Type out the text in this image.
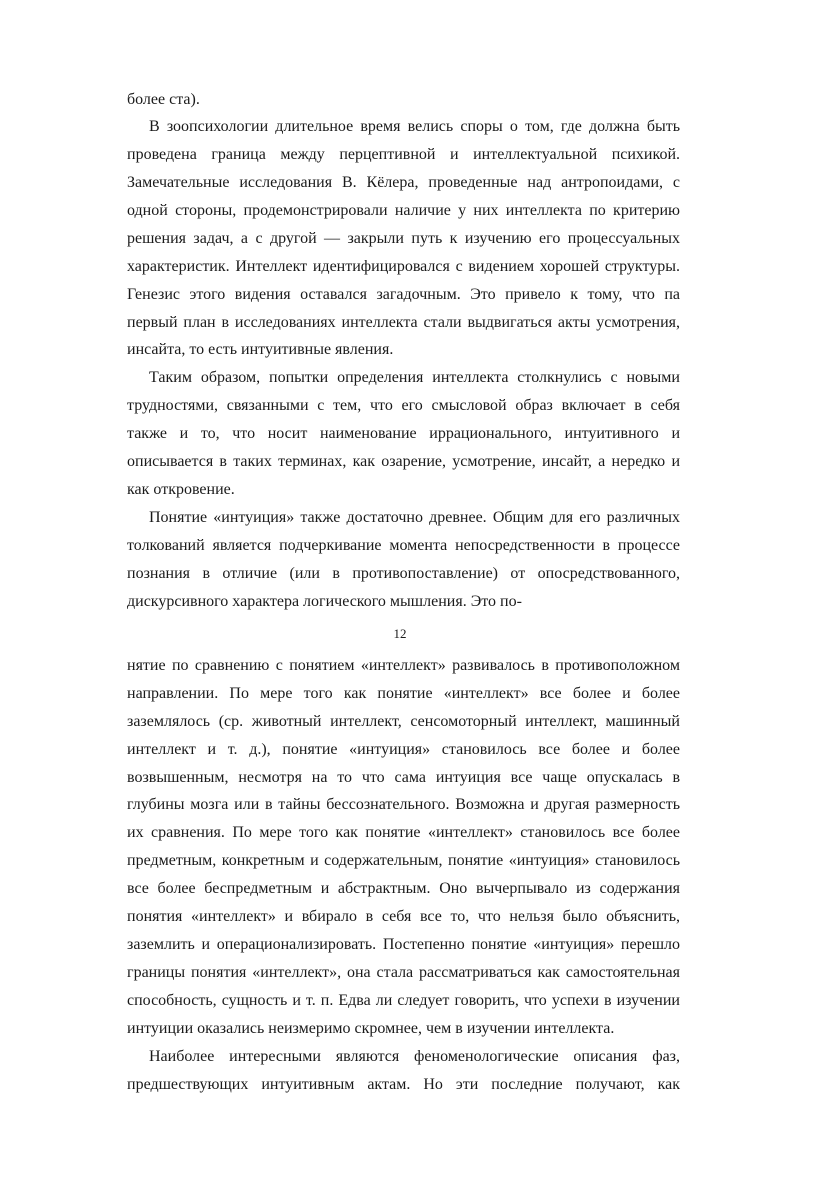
более ста).
В зоопсихологии длительное время велись споры о том, где должна быть
проведена граница между перцептивной и интеллектуальной психикой.
Замечательные исследования В. Кёлера, проведенные над антропоидами, с
одной стороны, продемонстрировали наличие у них интеллекта по критерию
решения задач, а с другой — закрыли путь к изучению его процессуальных
характеристик. Интеллект идентифицировался с видением хорошей структуры.
Генезис этого видения оставался загадочным. Это привело к тому, что па
первый план в исследованиях интеллекта стали выдвигаться акты усмотрения,
инсайта, то есть интуитивные явления.
Таким образом, попытки определения интеллекта столкнулись с новыми
трудностями, связанными с тем, что его смысловой образ включает в себя
также и то, что носит наименование иррационального, интуитивного и
описывается в таких терминах, как озарение, усмотрение, инсайт, а нередко и
как откровение.
Понятие «интуиция» также достаточно древнее. Общим для его различных
толкований является подчеркивание момента непосредственности в процессе
познания в отличие (или в противопоставление) от опосредствованного,
дискурсивного характера логического мышления. Это по-
12
нятие по сравнению с понятием «интеллект» развивалось в противоположном
направлении. По мере того как понятие «интеллект» все более и более
заземлялось (ср. животный интеллект, сенсомоторный интеллект, машинный
интеллект и т. д.), понятие «интуиция» становилось все более и более
возвышенным, несмотря на то что сама интуиция все чаще опускалась в
глубины мозга или в тайны бессознательного. Возможна и другая размерность
их сравнения. По мере того как понятие «интеллект» становилось все более
предметным, конкретным и содержательным, понятие «интуиция» становилось
все более беспредметным и абстрактным. Оно вычерпывало из содержания
понятия «интеллект» и вбирало в себя все то, что нельзя было объяснить,
заземлить и операционализировать. Постепенно понятие «интуиция» перешло
границы понятия «интеллект», она стала рассматриваться как самостоятельная
способность, сущность и т. п. Едва ли следует говорить, что успехи в изучении
интуиции оказались неизмеримо скромнее, чем в изучении интеллекта.
Наиболее интересными являются феноменологические описания фаз,
предшествующих интуитивным актам. Но эти последние получают, как
